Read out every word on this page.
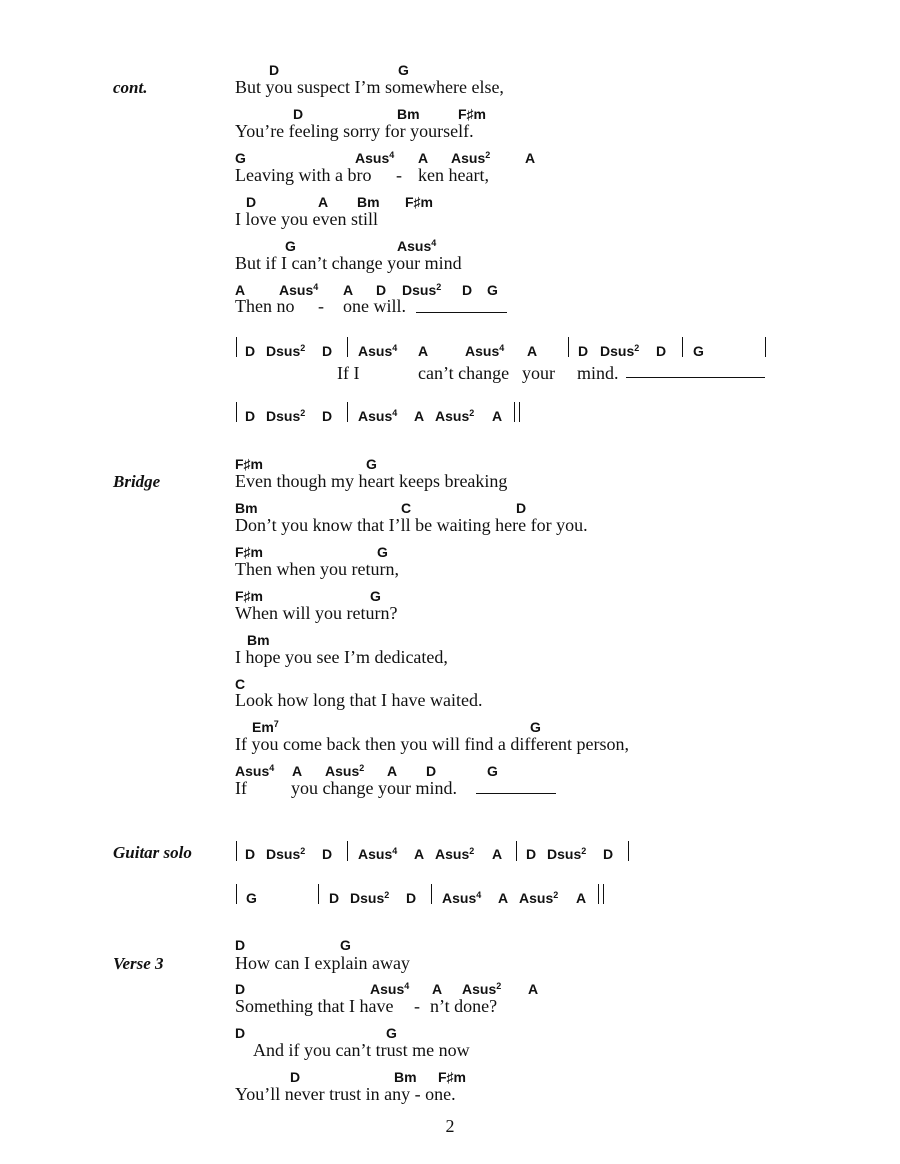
cont.
D	G
But you suspect I’m somewhere else,
D	Bm	F♯m
You’re feeling sorry for yourself.
G	Asus$^4$ A Asus$^2$ A
Leaving with a bro - ken heart,
D	A Bm F♯m
I love you even still
G	Asus$^4$
But if I can’t change your mind
A Asus$^4$ A D Dsus$^2$ D G
Then no - one will.
D Dsus$^2$ D Asus$^4$ A	Asus$^4$ A	D Dsus$^2$ D G
If I	can’t change your mind.
D Dsus$^2$ D Asus$^4$ A Asus$^2$ A
Bridge
F♯m	G
Even though my heart keeps breaking
Bm	C	D
Don’t you know that I’ll be waiting here for you.
F♯m	G
Then when you return,
F♯m	G
When will you return?
Bm
I hope you see I’m dedicated,
C
Look how long that I have waited.
Em$^7$	G
If you come back then you will find a different person,
Asus$^4$ A Asus$^2$ A D	G
If you change your mind.
Guitar solo	D Dsus$^2$ D Asus$^4$ A Asus$^2$ A D Dsus$^2$ D
G	D Dsus$^2$ D Asus$^4$ A Asus$^2$ A
Verse 3
D	G
How can I explain away
D	Asus$^4$ A Asus$^2$ A
Something that I have - n’t done?
D	G
And if you can’t trust me now
D	Bm F♯m
You’ll never trust in any - one.
2
